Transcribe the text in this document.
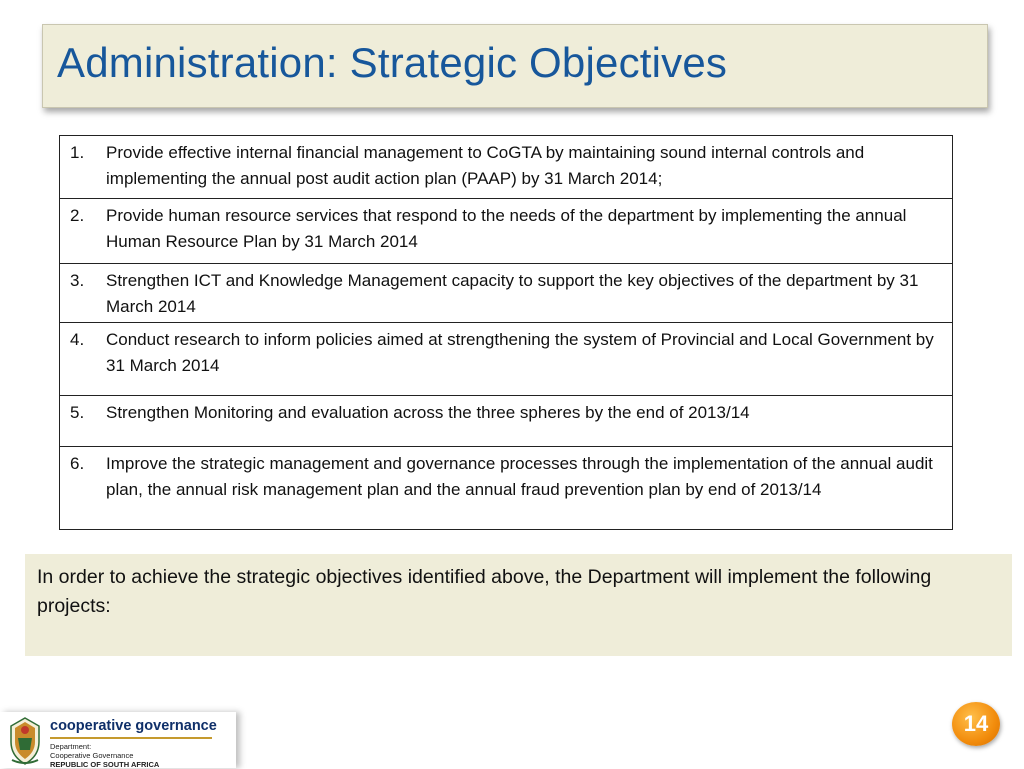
Administration: Strategic Objectives
1.	Provide effective internal financial management to CoGTA by maintaining sound internal controls and implementing the annual post audit action plan (PAAP) by 31 March 2014;

2.	Provide human resource services that respond to the needs of the department by implementing the annual Human Resource Plan by 31 March 2014

3.	Strengthen ICT and Knowledge Management capacity to support the key objectives of the department by 31 March 2014

4.	Conduct research to inform policies aimed at strengthening the system of Provincial and Local Government by 31 March 2014

5.	Strengthen Monitoring and evaluation across the three spheres by the end of 2013/14

6.	Improve the strategic management and governance processes through the implementation of the annual audit plan, the annual risk management plan and the annual fraud prevention plan by end of 2013/14
In order to achieve the strategic objectives identified above, the Department will implement the following projects:
cooperative governance
Department:
Cooperative Governance
REPUBLIC OF SOUTH AFRICA
14
